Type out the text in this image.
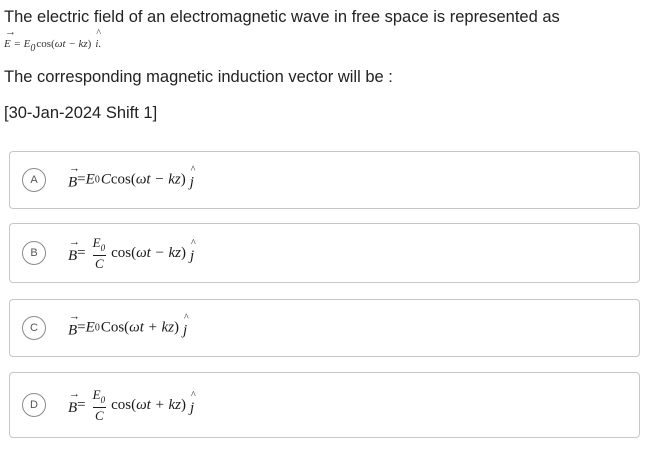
The electric field of an electromagnetic wave in free space is represented as
→ E = E0cos(ωt − kz) ^ i.
The corresponding magnetic induction vector will be :
[30-Jan-2024 Shift 1]
A	→ B = E 0 C cos( ωt − kz ) ^ j
B	→ $B = \frac{E_0}{C} \cos$( ωt − kz ) ^ j
C	→ B = E 0 Cos( ωt + kz ) ^ j
D	→ $B = \frac{E_0}{C} \cos$( ωt + kz ) ^ j
